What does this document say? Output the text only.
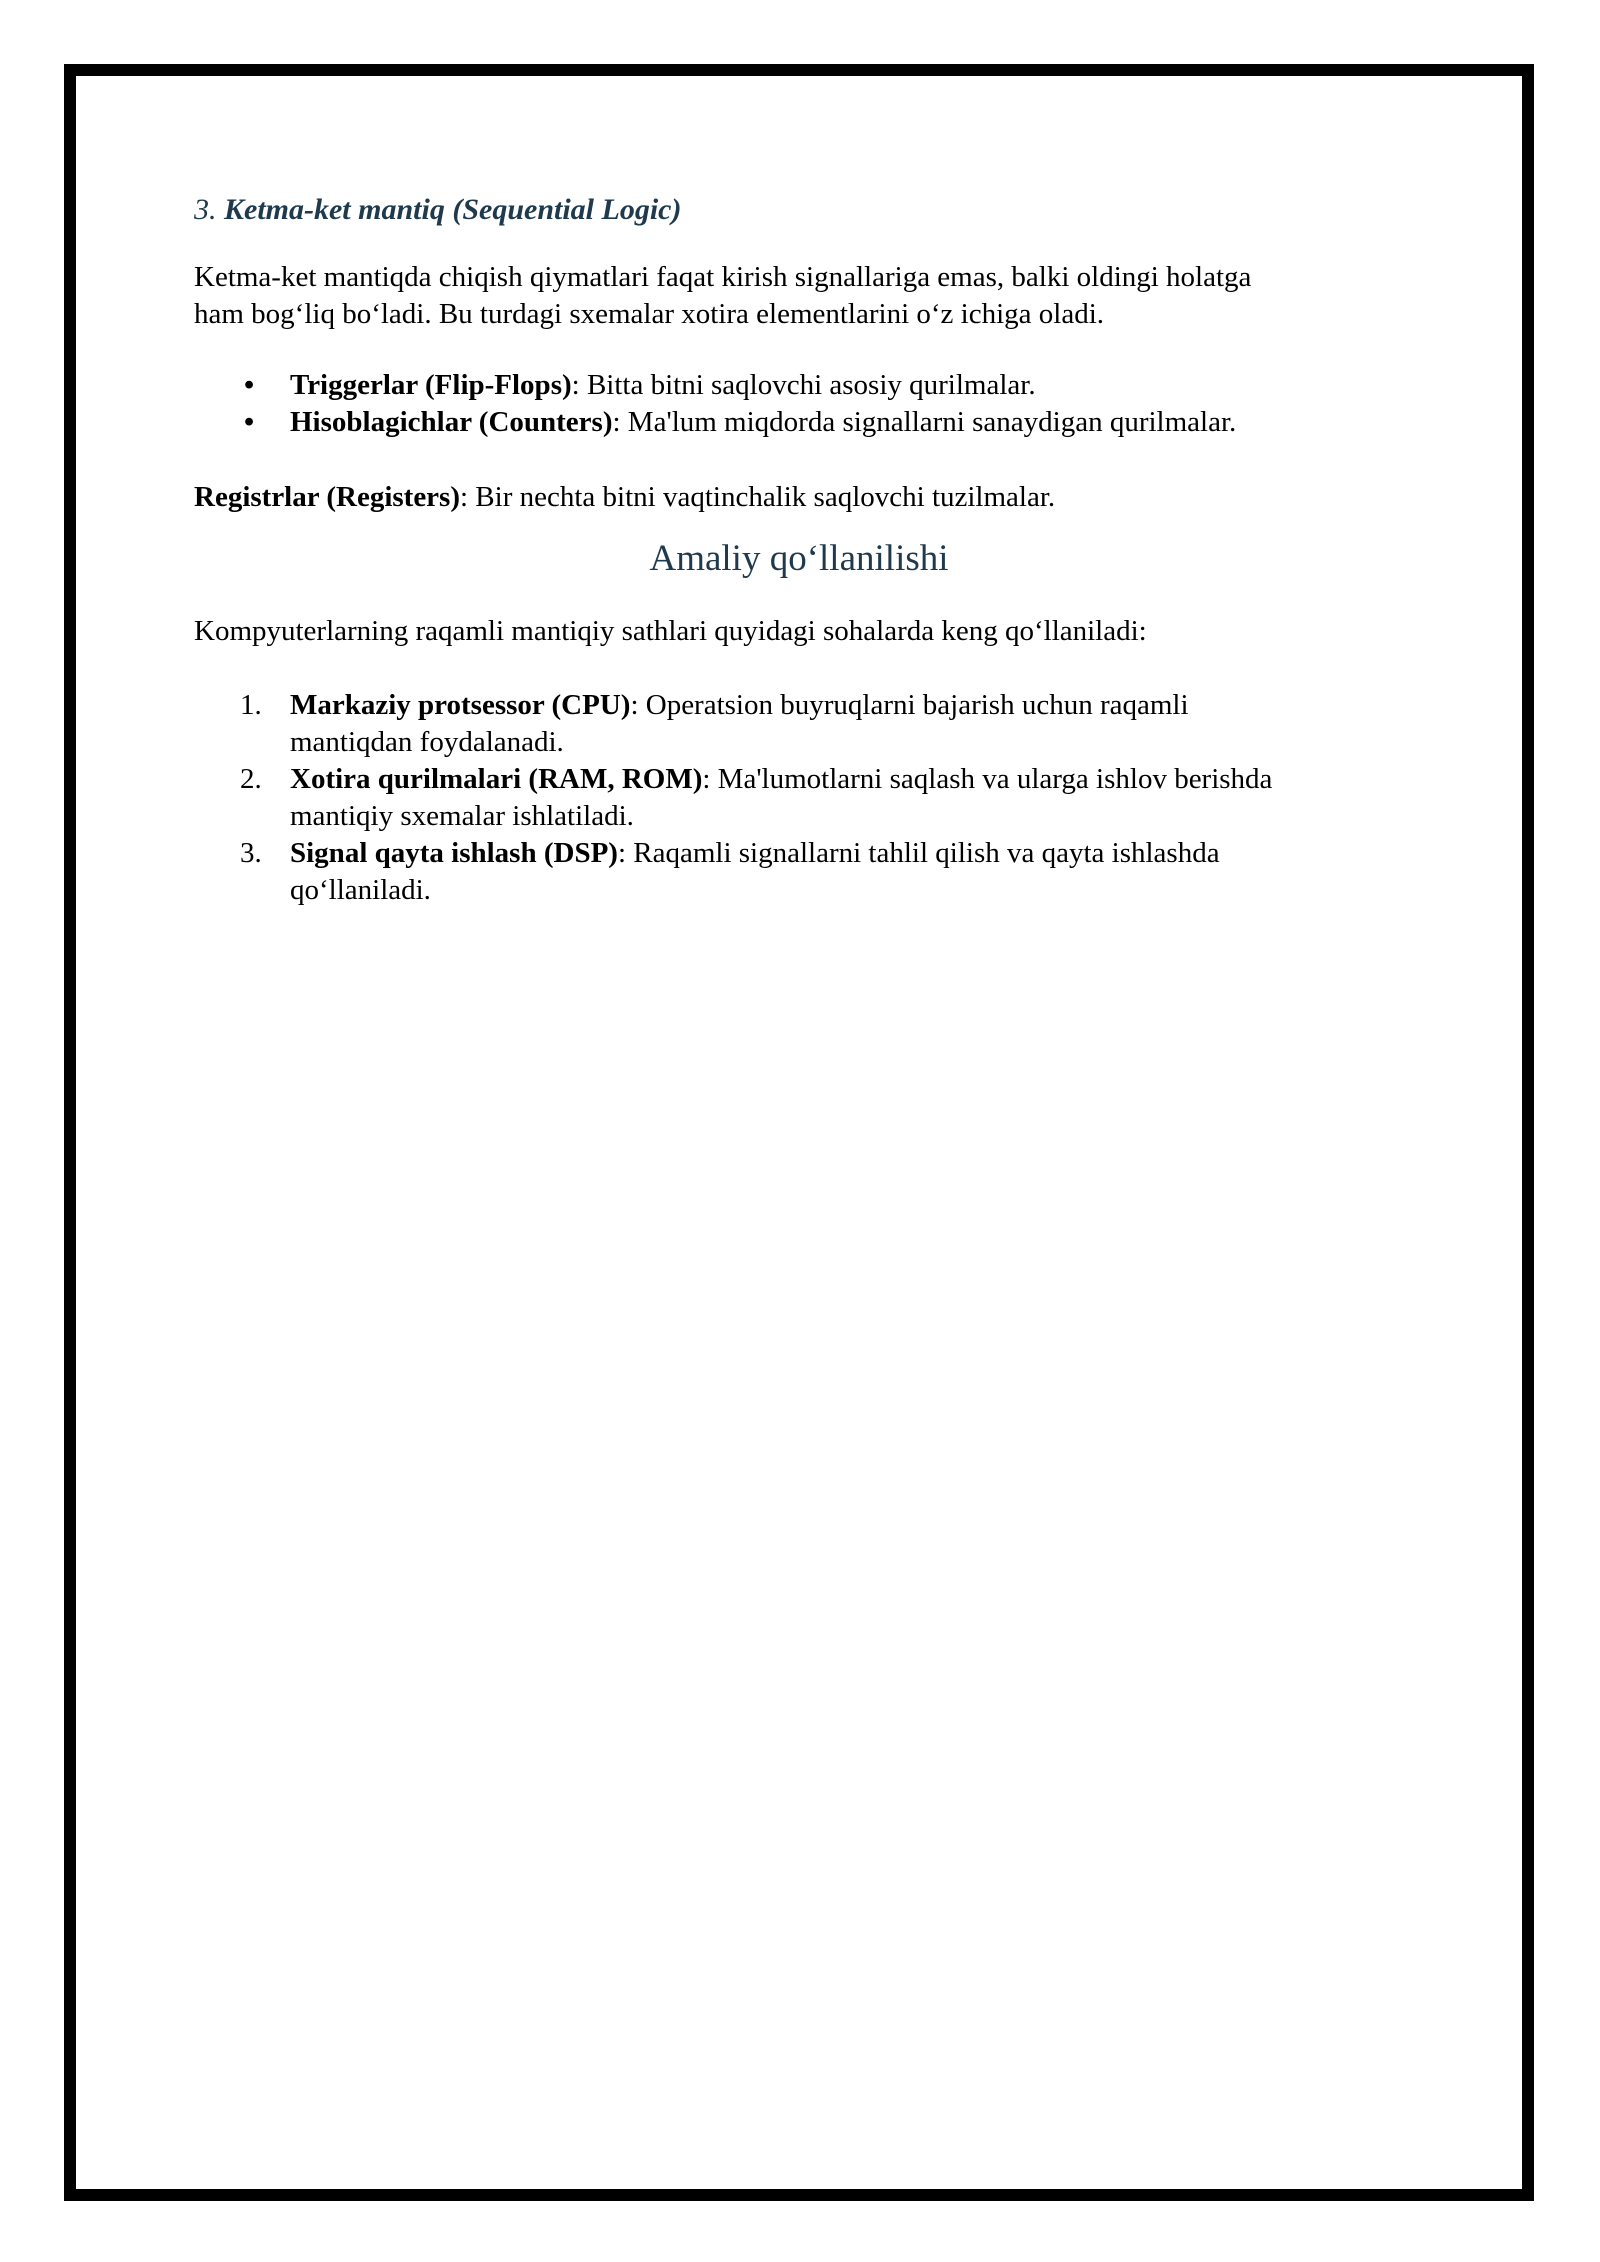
3. Ketma-ket mantiq (Sequential Logic)

Ketma-ket mantiqda chiqish qiymatlari faqat kirish signallariga emas, balki oldingi holatga
ham bog‘liq bo‘ladi. Bu turdagi sxemalar xotira elementlarini o‘z ichiga oladi.

• Triggerlar (Flip-Flops): Bitta bitni saqlovchi asosiy qurilmalar.
• Hisoblagichlar (Counters): Ma'lum miqdorda signallarni sanaydigan qurilmalar.

Registrlar (Registers): Bir nechta bitni vaqtinchalik saqlovchi tuzilmalar.

Amaliy qo‘llanilishi

Kompyuterlarning raqamli mantiqiy sathlari quyidagi sohalarda keng qo‘llaniladi:

1. Markaziy protsessor (CPU): Operatsion buyruqlarni bajarish uchun raqamli
mantiqdan foydalanadi.
2. Xotira qurilmalari (RAM, ROM): Ma'lumotlarni saqlash va ularga ishlov berishda
mantiqiy sxemalar ishlatiladi.
3. Signal qayta ishlash (DSP): Raqamli signallarni tahlil qilish va qayta ishlashda
qo‘llaniladi.
